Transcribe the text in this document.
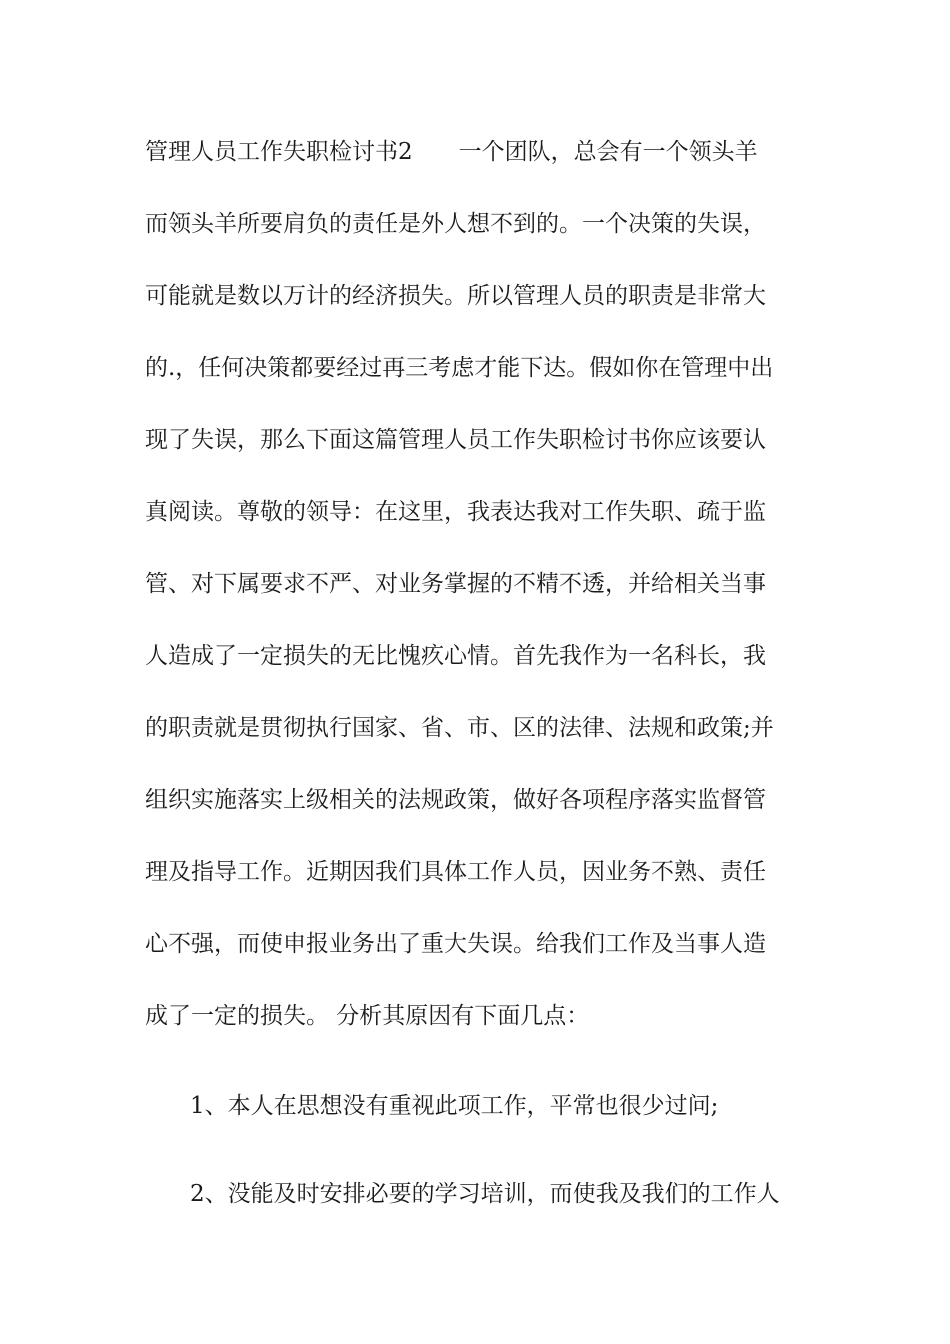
管理人员工作失职检讨书2　　一个团队，总会有一个领头羊
而领头羊所要肩负的责任是外人想不到的。一个决策的失误，
可能就是数以万计的经济损失。所以管理人员的职责是非常大
的.，任何决策都要经过再三考虑才能下达。假如你在管理中出
现了失误，那么下面这篇管理人员工作失职检讨书你应该要认
真阅读。尊敬的领导：在这里，我表达我对工作失职、疏于监
管、对下属要求不严、对业务掌握的不精不透，并给相关当事
人造成了一定损失的无比愧疚心情。首先我作为一名科长，我
的职责就是贯彻执行国家、省、市、区的法律、法规和政策;并
组织实施落实上级相关的法规政策，做好各项程序落实监督管
理及指导工作。近期因我们具体工作人员，因业务不熟、责任
心不强，而使申报业务出了重大失误。给我们工作及当事人造
成了一定的损失。 分析其原因有下面几点：
1、本人在思想没有重视此项工作，平常也很少过问;
2、没能及时安排必要的学习培训，而使我及我们的工作人
